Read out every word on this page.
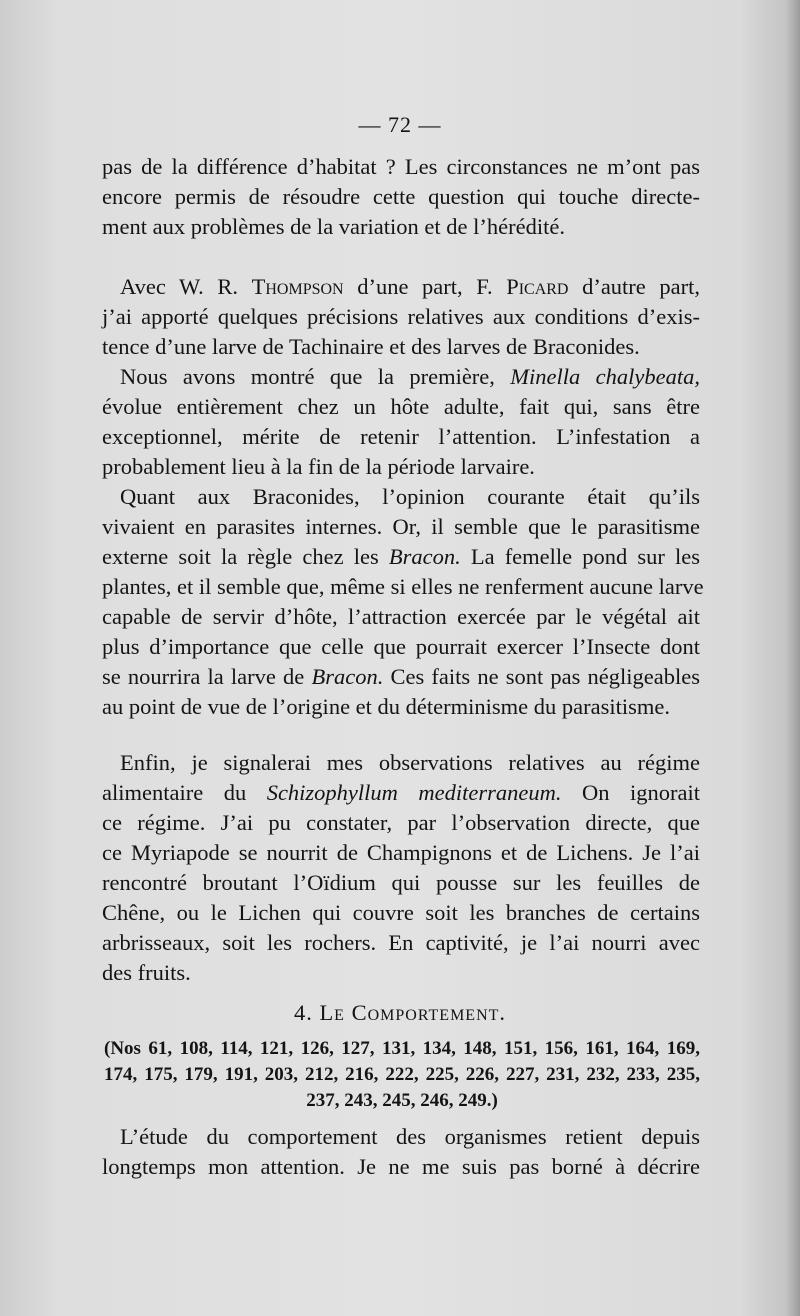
— 72 —
pas de la différence d’habitat ? Les circonstances ne m’ont pas
encore permis de résoudre cette question qui touche directe-
ment aux problèmes de la variation et de l’hérédité.
Avec W. R. Thompson d’une part, F. Picard d’autre part,
j’ai apporté quelques précisions relatives aux conditions d’exis-
tence d’une larve de Tachinaire et des larves de Braconides.
Nous avons montré que la première, Minella chalybeata,
évolue entièrement chez un hôte adulte, fait qui, sans être
exceptionnel, mérite de retenir l’attention. L’infestation a
probablement lieu à la fin de la période larvaire.
Quant aux Braconides, l’opinion courante était qu’ils
vivaient en parasites internes. Or, il semble que le parasitisme
externe soit la règle chez les Bracon. La femelle pond sur les
plantes, et il semble que, même si elles ne renferment aucune larve
capable de servir d’hôte, l’attraction exercée par le végétal ait
plus d’importance que celle que pourrait exercer l’Insecte dont
se nourrira la larve de Bracon. Ces faits ne sont pas négligeables
au point de vue de l’origine et du déterminisme du parasitisme.
Enfin, je signalerai mes observations relatives au régime
alimentaire du Schizophyllum mediterraneum. On ignorait
ce régime. J’ai pu constater, par l’observation directe, que
ce Myriapode se nourrit de Champignons et de Lichens. Je l’ai
rencontré broutant l’Oïdium qui pousse sur les feuilles de
Chêne, ou le Lichen qui couvre soit les branches de certains
arbrisseaux, soit les rochers. En captivité, je l’ai nourri avec
des fruits.
4. Le Comportement.
(Nos 61, 108, 114, 121, 126, 127, 131, 134, 148, 151, 156, 161, 164, 169,
174, 175, 179, 191, 203, 212, 216, 222, 225, 226, 227, 231, 232, 233, 235,
237, 243, 245, 246, 249.)
L’étude du comportement des organismes retient depuis
longtemps mon attention. Je ne me suis pas borné à décrire
